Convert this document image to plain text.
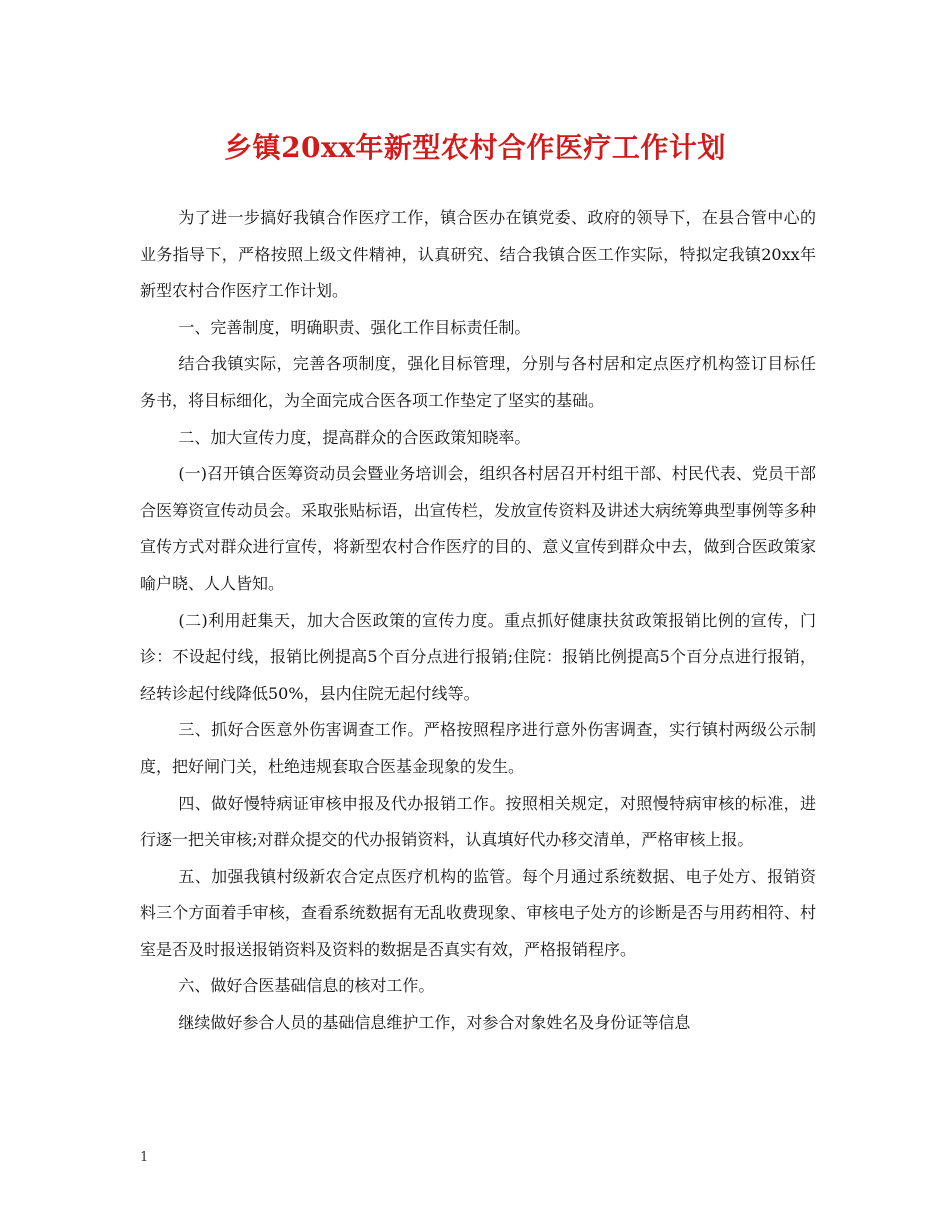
乡镇20xx年新型农村合作医疗工作计划

为了进一步搞好我镇合作医疗工作，镇合医办在镇党委、政府的领导下，在县合管中心的业务指导下，严格按照上级文件精神，认真研究、结合我镇合医工作实际，特拟定我镇20xx年新型农村合作医疗工作计划。

一、完善制度，明确职责、强化工作目标责任制。

结合我镇实际，完善各项制度，强化目标管理，分别与各村居和定点医疗机构签订目标任务书，将目标细化，为全面完成合医各项工作垫定了坚实的基础。

二、加大宣传力度，提高群众的合医政策知晓率。

(一)召开镇合医筹资动员会暨业务培训会，组织各村居召开村组干部、村民代表、党员干部合医筹资宣传动员会。采取张贴标语，出宣传栏，发放宣传资料及讲述大病统筹典型事例等多种宣传方式对群众进行宣传，将新型农村合作医疗的目的、意义宣传到群众中去，做到合医政策家喻户晓、人人皆知。

(二)利用赶集天，加大合医政策的宣传力度。重点抓好健康扶贫政策报销比例的宣传，门诊：不设起付线，报销比例提高5个百分点进行报销;住院：报销比例提高5个百分点进行报销，经转诊起付线降低50%，县内住院无起付线等。

三、抓好合医意外伤害调查工作。严格按照程序进行意外伤害调查，实行镇村两级公示制度，把好闸门关，杜绝违规套取合医基金现象的发生。

四、做好慢特病证审核申报及代办报销工作。按照相关规定，对照慢特病审核的标准，进行逐一把关审核;对群众提交的代办报销资料，认真填好代办移交清单，严格审核上报。

五、加强我镇村级新农合定点医疗机构的监管。每个月通过系统数据、电子处方、报销资料三个方面着手审核，查看系统数据有无乱收费现象、审核电子处方的诊断是否与用药相符、村室是否及时报送报销资料及资料的数据是否真实有效，严格报销程序。

六、做好合医基础信息的核对工作。

继续做好参合人员的基础信息维护工作，对参合对象姓名及身份证等信息

1
